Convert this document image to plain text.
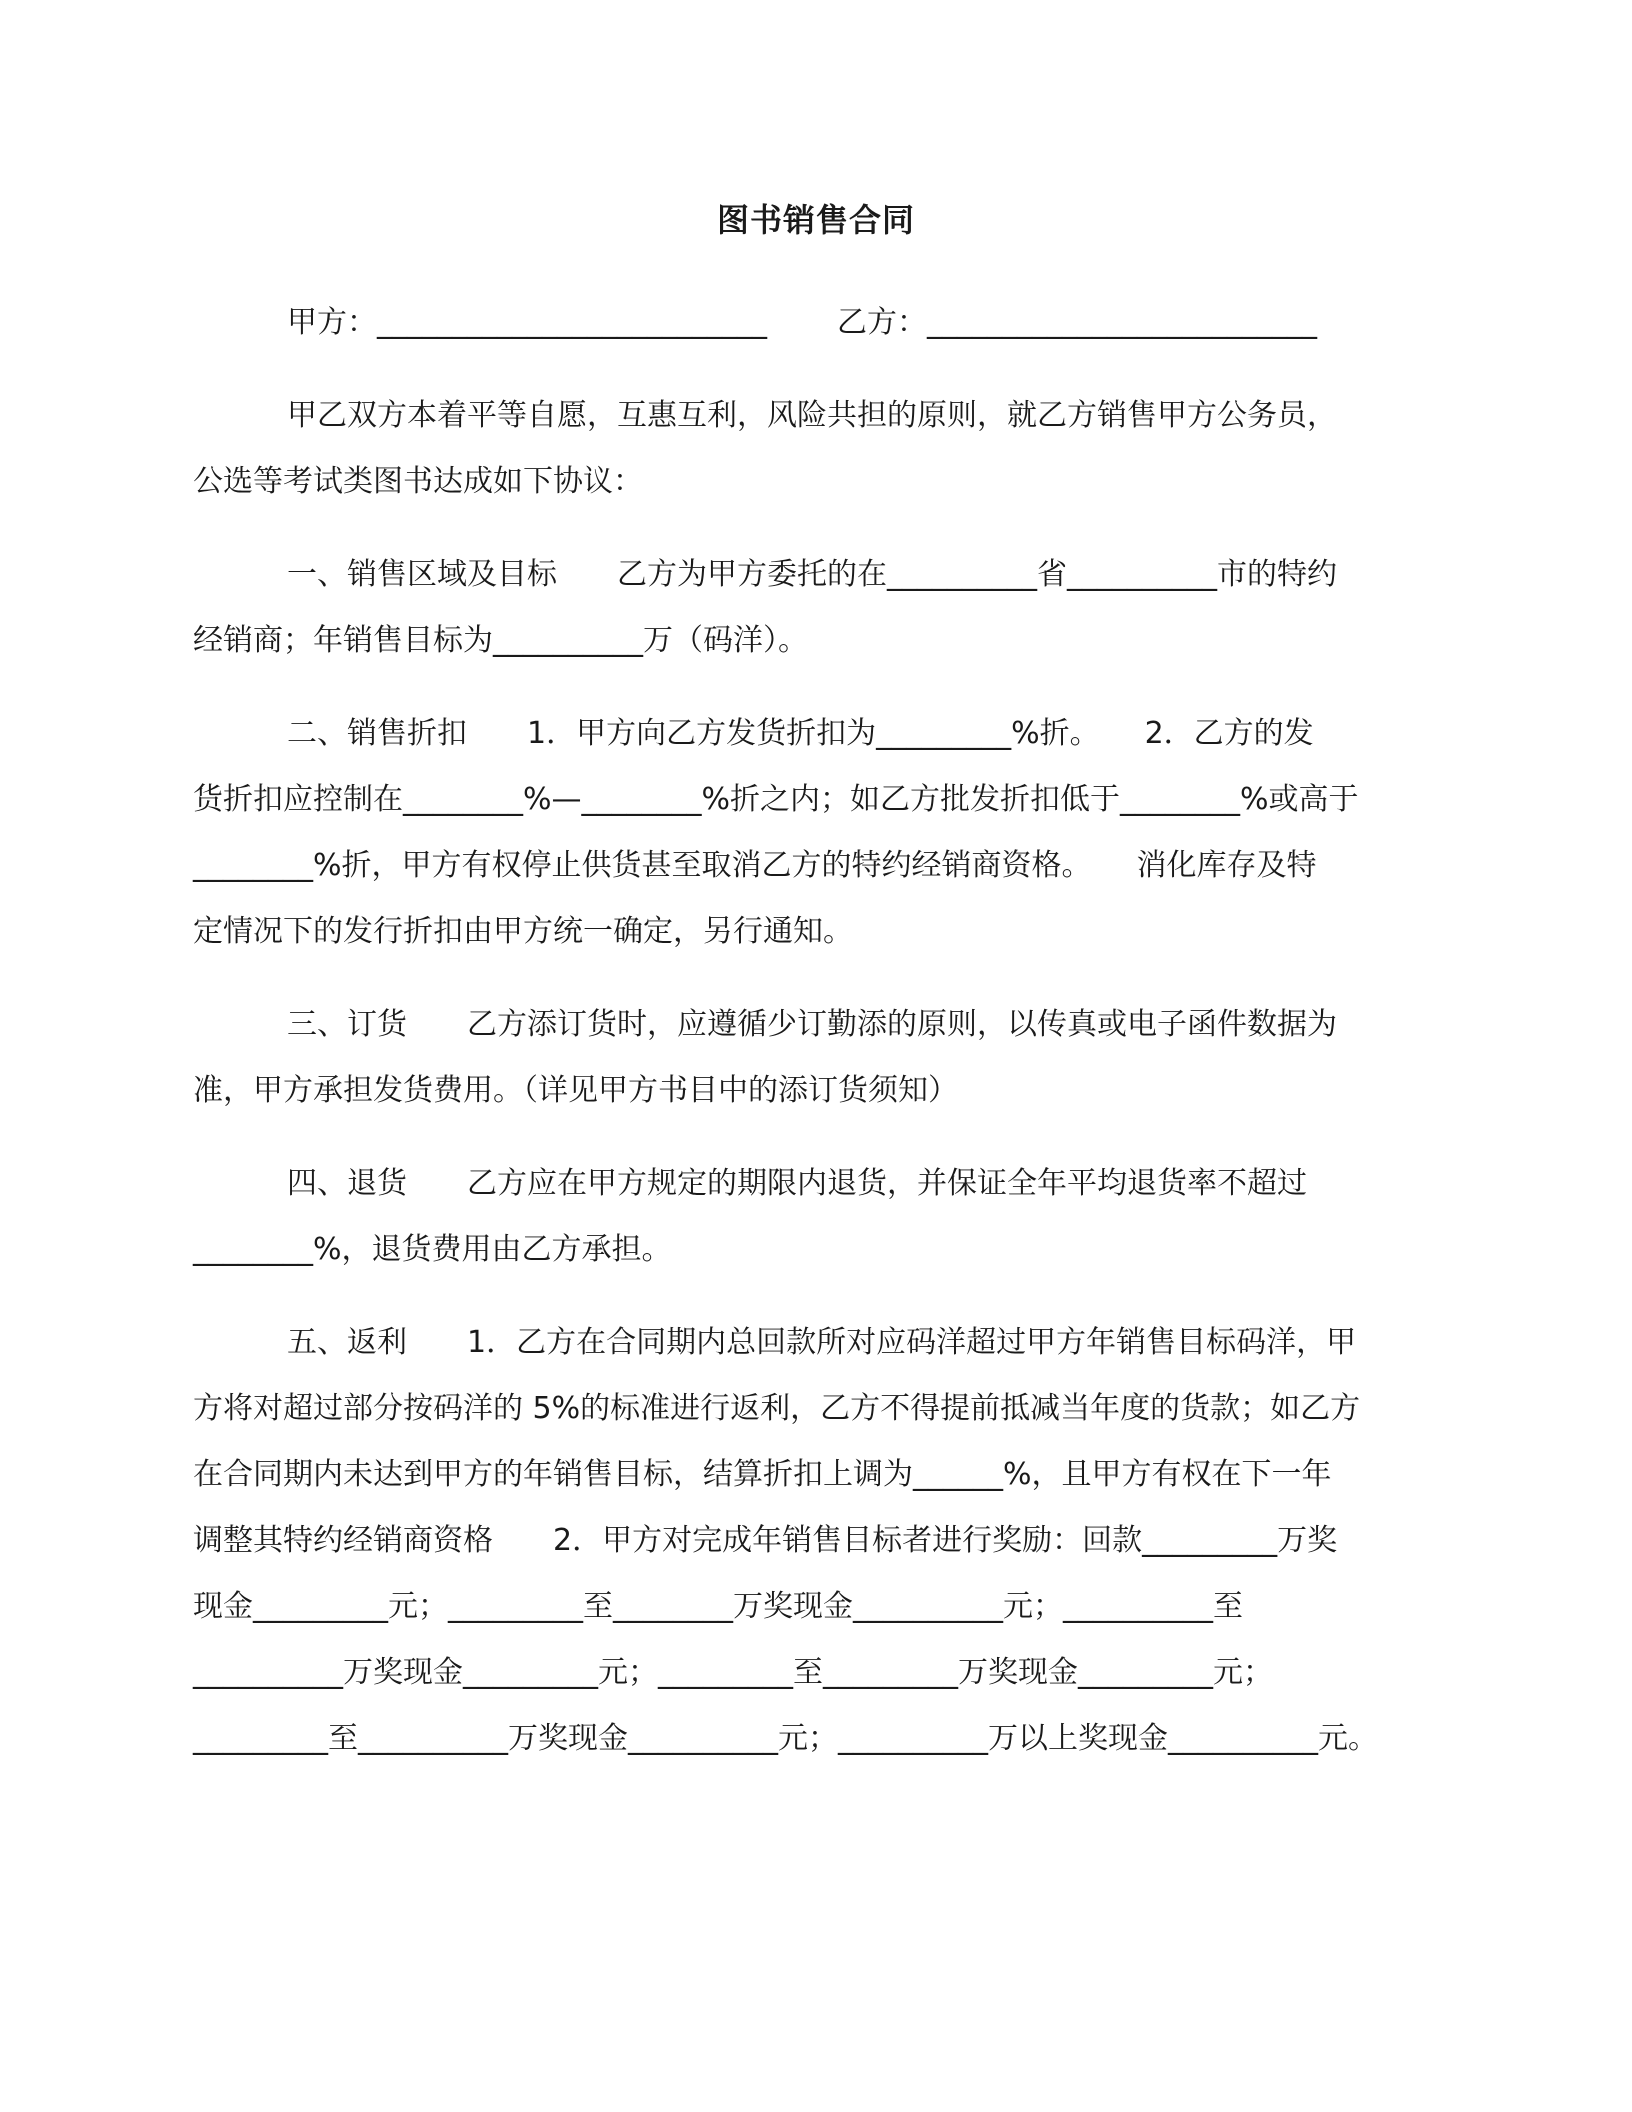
图书销售合同
甲方：__________________________ 乙方：__________________________
甲乙双方本着平等自愿，互惠互利，风险共担的原则，就乙方销售甲方公务员，
公选等考试类图书达成如下协议：
一、销售区域及目标　　乙方为甲方委托的在__________省__________市的特约
经销商；年销售目标为__________万（码洋）。
二、销售折扣　　1．甲方向乙方发货折扣为_________%折。　　2．乙方的发
货折扣应控制在________%—________%折之内；如乙方批发折扣低于________%或高于
________%折，甲方有权停止供货甚至取消乙方的特约经销商资格。　　消化库存及特
定情况下的发行折扣由甲方统一确定，另行通知。
三、订货　　乙方添订货时，应遵循少订勤添的原则，以传真或电子函件数据为
准，甲方承担发货费用。（详见甲方书目中的添订货须知）
四、退货　　乙方应在甲方规定的期限内退货，并保证全年平均退货率不超过
________%，退货费用由乙方承担。
五、返利　　1．乙方在合同期内总回款所对应码洋超过甲方年销售目标码洋，甲
方将对超过部分按码洋的 5%的标准进行返利，乙方不得提前抵减当年度的货款；如乙方
在合同期内未达到甲方的年销售目标，结算折扣上调为______%，且甲方有权在下一年
调整其特约经销商资格　　2．甲方对完成年销售目标者进行奖励：回款_________万奖
现金_________元；_________至________万奖现金__________元；__________至
__________万奖现金_________元；_________至_________万奖现金_________元；
_________至__________万奖现金__________元；__________万以上奖现金__________元。
